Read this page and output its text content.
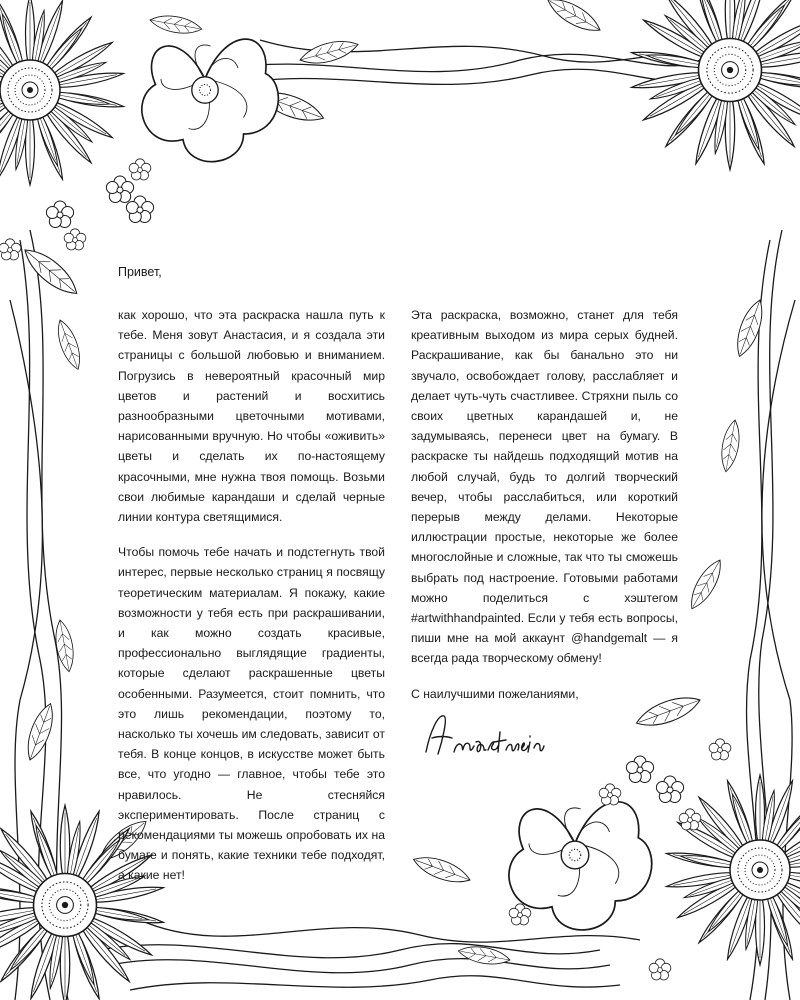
Привет,

как хорошо, что эта раскраска нашла путь к тебе. Меня зовут Анастасия, и я создала эти страницы с большой любовью и вниманием. Погрузись в невероятный красочный мир цветов и растений и восхитись разнообразными цветочными мотивами, нарисованными вручную. Но чтобы «оживить» цветы и сделать их по-настоящему красочными, мне нужна твоя помощь. Возьми свои любимые карандаши и сделай черные линии контура светящимися.

Чтобы помочь тебе начать и подстегнуть твой интерес, первые несколько страниц я посвящу теоретическим материалам. Я покажу, какие возможности у тебя есть при раскрашивании, и как можно создать красивые, профессионально выглядящие градиенты, которые сделают раскрашенные цветы особенными. Разумеется, стоит помнить, что это лишь рекомендации, поэтому то, насколько ты хочешь им следовать, зависит от тебя. В конце концов, в искусстве может быть все, что угодно — главное, чтобы тебе это нравилось. Не стесняйся экспериментировать. После страниц с рекомендациями ты можешь опробовать их на бумаге и понять, какие техники тебе подходят, а какие нет!

Эта раскраска, возможно, станет для тебя креативным выходом из мира серых будней. Раскрашивание, как бы банально это ни звучало, освобождает голову, расслабляет и делает чуть-чуть счастливее. Стряхни пыль со своих цветных карандашей и, не задумываясь, перенеси цвет на бумагу. В раскраске ты найдешь подходящий мотив на любой случай, будь то долгий творческий вечер, чтобы расслабиться, или короткий перерыв между делами. Некоторые иллюстрации простые, некоторые же более многослойные и сложные, так что ты сможешь выбрать под настроение. Готовыми работами можно поделиться с хэштегом #artwithhandpainted. Если у тебя есть вопросы, пиши мне на мой аккаунт @handgemalt — я всегда рада творческому обмену!

С наилучшими пожеланиями,
